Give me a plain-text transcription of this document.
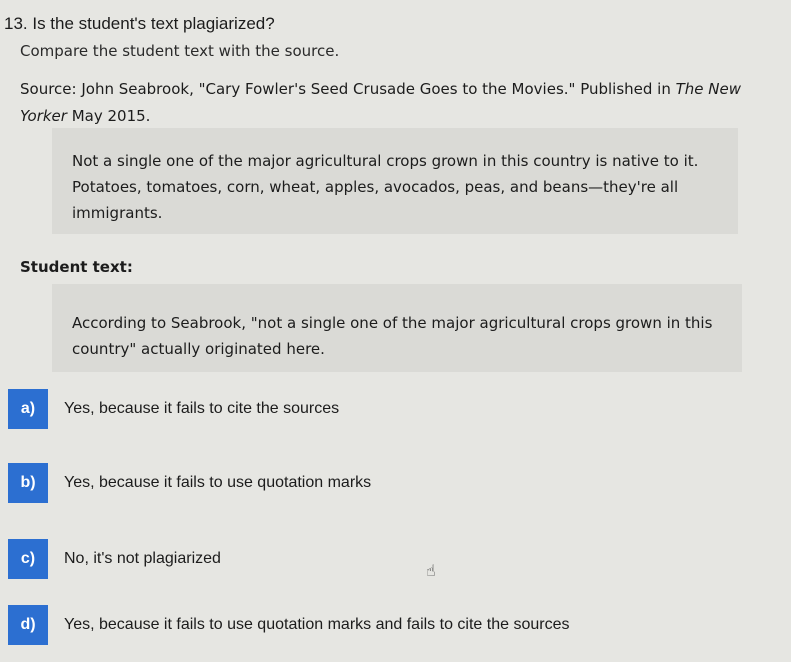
13. Is the student's text plagiarized?
Compare the student text with the source.
Source: John Seabrook, "Cary Fowler's Seed Crusade Goes to the Movies." Published in The New Yorker May 2015.
Not a single one of the major agricultural crops grown in this country is native to it. Potatoes, tomatoes, corn, wheat, apples, avocados, peas, and beans—they're all immigrants.
Student text:
According to Seabrook, "not a single one of the major agricultural crops grown in this country" actually originated here.
a)	Yes, because it fails to cite the sources
b)	Yes, because it fails to use quotation marks
c)	No, it's not plagiarized
d)	Yes, because it fails to use quotation marks and fails to cite the sources
☝
